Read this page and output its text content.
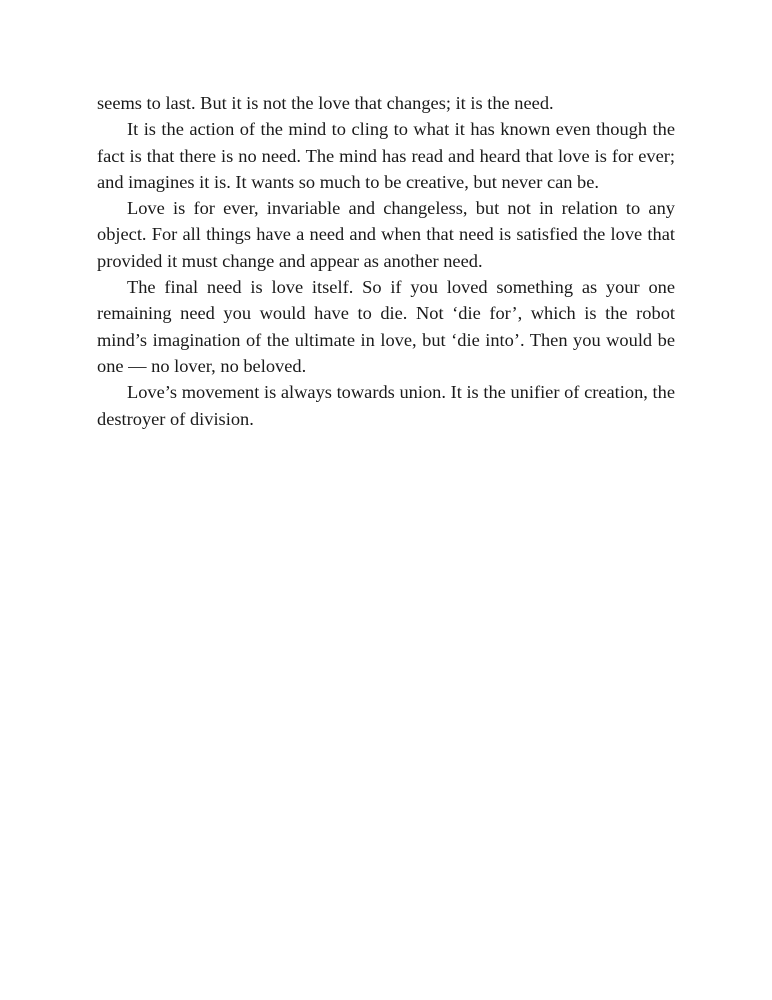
seems to last. But it is not the love that changes; it is the need.

It is the action of the mind to cling to what it has known even though the fact is that there is no need. The mind has read and heard that love is for ever; and imagines it is. It wants so much to be creative, but never can be.

Love is for ever, invariable and changeless, but not in relation to any object. For all things have a need and when that need is satisfied the love that provided it must change and appear as another need.

The final need is love itself. So if you loved something as your one remaining need you would have to die. Not ‘die for’, which is the robot mind’s imagination of the ultimate in love, but ‘die into’. Then you would be one — no lover, no beloved.

Love’s movement is always towards union. It is the unifier of creation, the destroyer of division.
